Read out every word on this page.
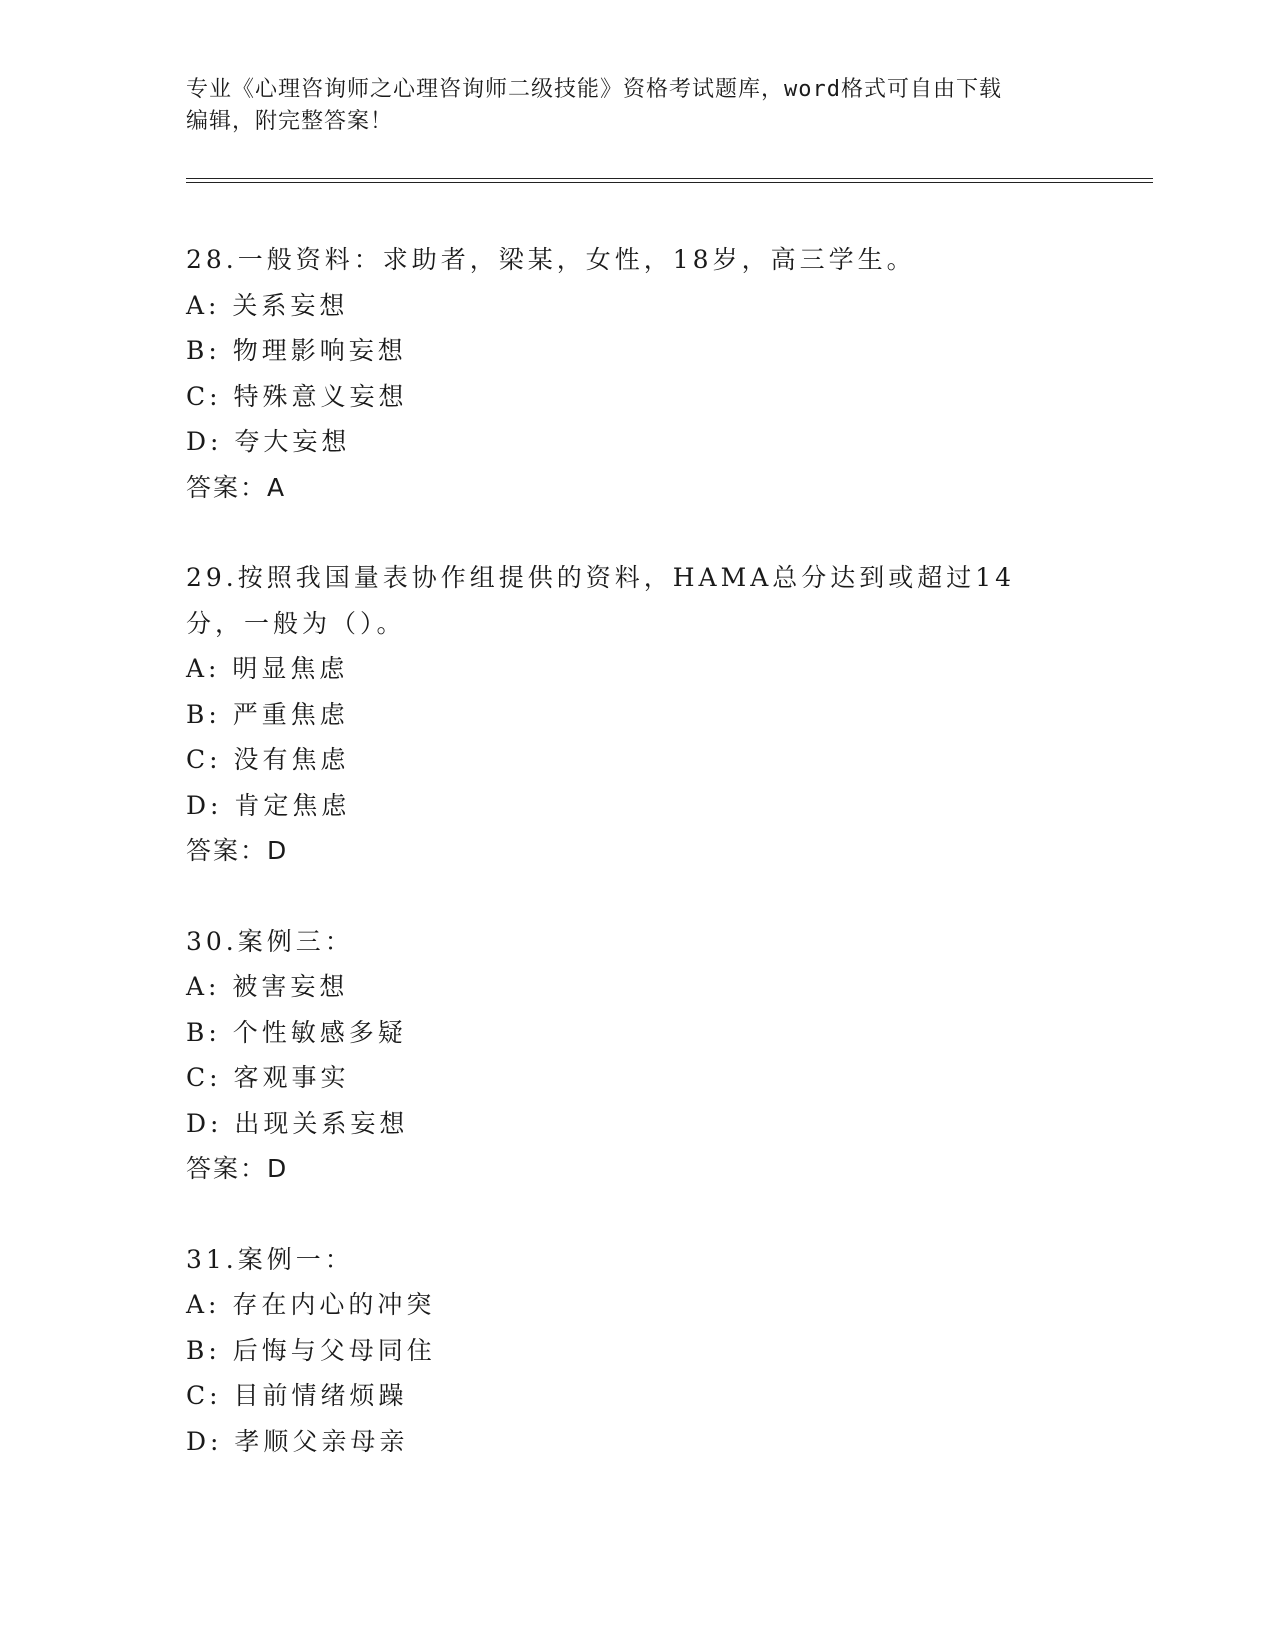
专业《心理咨询师之心理咨询师二级技能》资格考试题库，word格式可自由下载
编辑，附完整答案！
28.一般资料：求助者，梁某，女性，18岁，高三学生。
A: 关系妄想
B: 物理影响妄想
C: 特殊意义妄想
D: 夸大妄想
答案：A
29.按照我国量表协作组提供的资料，HAMA总分达到或超过14分，一般为（）。
A: 明显焦虑
B: 严重焦虑
C: 没有焦虑
D: 肯定焦虑
答案：D
30.案例三：
A: 被害妄想
B: 个性敏感多疑
C: 客观事实
D: 出现关系妄想
答案：D
31.案例一：
A: 存在内心的冲突
B: 后悔与父母同住
C: 目前情绪烦躁
D: 孝顺父亲母亲
